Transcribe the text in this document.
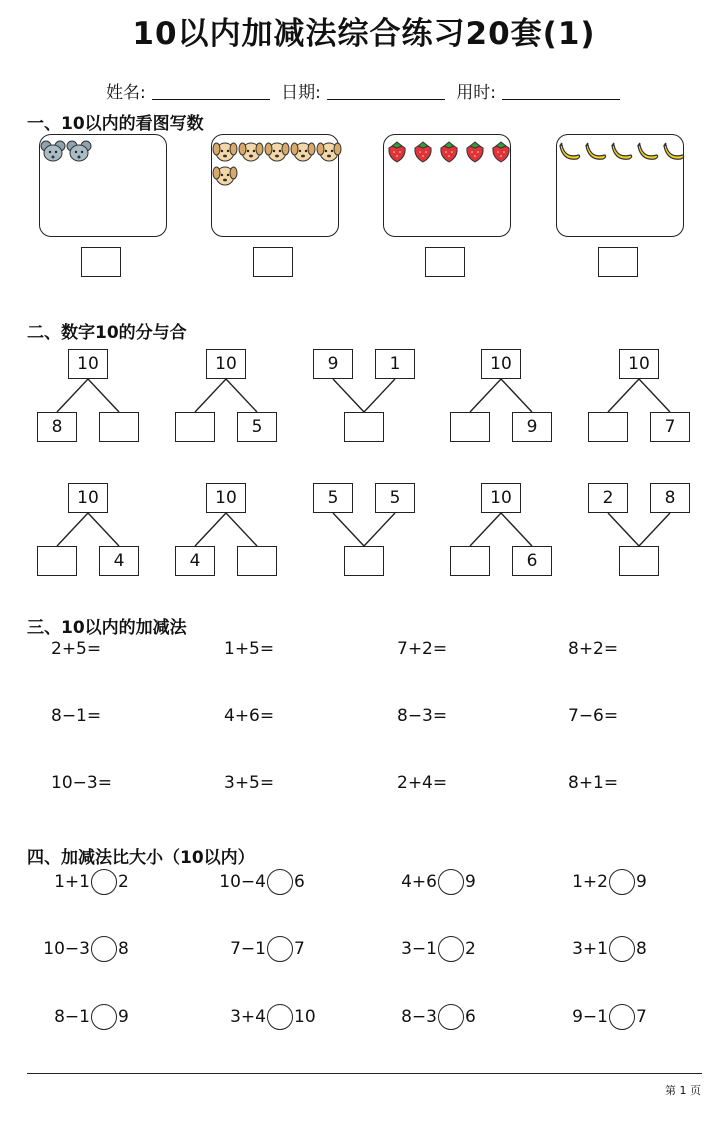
10以内加减法综合练习20套(1)
姓名:	日期:	用时:
一、10以内的看图写数
二、数字10的分与合
三、10以内的加减法
四、加减法比大小（10以内）
10
8
10
5
9	1	10
9
10
7
10
4
10
4
5	5	10
6
2	8
2+5=	1+5=	7+2=	8+2=
8−1=	4+6=	8−3=	7−6=
10−3=	3+5=	2+4=	8+1=
1+1 2	10−4 6	4+6 9	1+2 9
10−3 8	7−1 7	3−1 2	3+1 8
8−1 9	3+4 10	8−3 6	9−1 7
第 1 页
